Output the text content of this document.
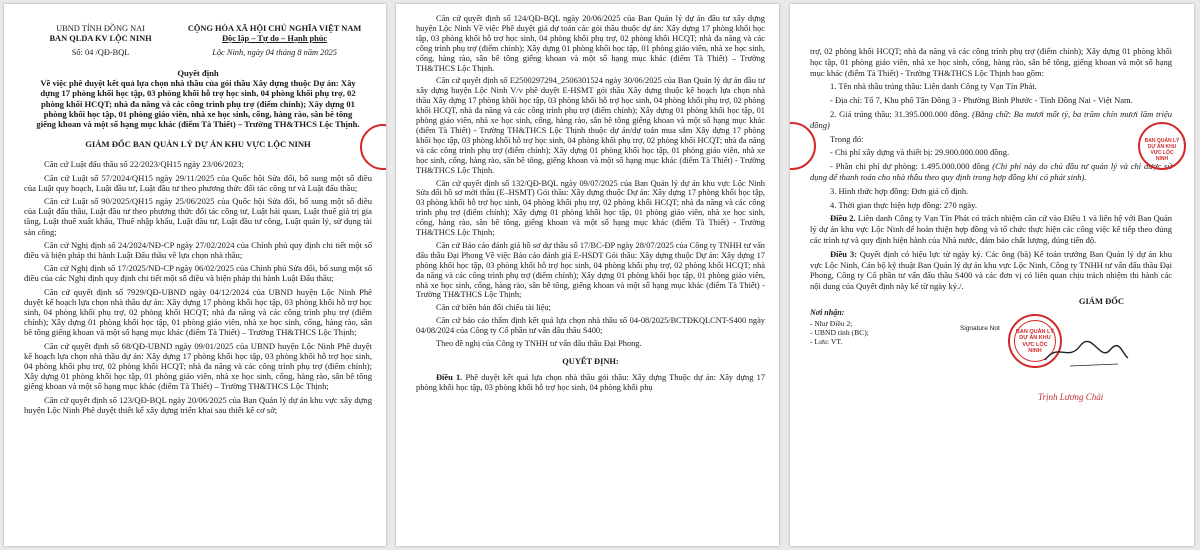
UBND TỈNH ĐỒNG NAI
BAN QLDA KV LỘC NINH
Số: 04 /QĐ-BQL
CỘNG HÒA XÃ HỘI CHỦ NGHĨA VIỆT NAM
Độc lập – Tự do – Hạnh phúc
Lộc Ninh, ngày 04 tháng 8 năm 2025
Quyết định
Về việc phê duyệt kết quả lựa chọn nhà thầu của gói thầu Xây dựng thuộc Dự án: Xây dựng 17 phòng khối học tập, 03 phòng khối hỗ trợ học sinh, 04 phòng khối phụ trợ, 02 phòng khối HCQT; nhà đa năng và các công trình phụ trợ (điểm chính); Xây dựng 01 phòng khối học tập, 01 phòng giáo viên, nhà xe học sinh, cổng, hàng rào, sân bê tông giếng khoan và một số hạng mục khác (điểm Tà Thiết) – Trường TH&THCS Lộc Thịnh.
GIÁM ĐỐC BAN QUẢN LÝ DỰ ÁN KHU VỰC LỘC NINH

Căn cứ Luật đấu thầu số 22/2023/QH15 ngày 23/06/2023;

Căn cứ Luật số 57/2024/QH15 ngày 29/11/2025 của Quốc hội Sửa đổi, bổ sung một số điều của Luật quy hoạch, Luật đầu tư, Luật đầu tư theo phương thức đối tác công tư và Luật đấu thầu;

Căn cứ Luật số 90/2025/QH15 ngày 25/06/2025 của Quốc hội Sửa đổi, bổ sung một số điều của Luật đấu thầu, Luật đầu tư theo phương thức đối tác công tư, Luật hải quan, Luật thuế giá trị gia tăng, Luật thuế xuất khẩu, Thuế nhập khẩu, Luật đầu tư, Luật đầu tư công, Luật quản lý, sử dụng tài sản công;

Căn cứ Nghị định số 24/2024/NĐ-CP ngày 27/02/2024 của Chính phủ quy định chi tiết một số điều và biện pháp thi hành Luật Đấu thầu về lựa chọn nhà thầu;

Căn cứ Nghị định số 17/2025/NĐ-CP ngày 06/02/2025 của Chính phủ Sửa đổi, bổ sung một số điều của các Nghị định quy định chi tiết một số điều và biện pháp thi hành Luật Đấu thầu;

Căn cứ quyết định số 7929/QĐ-UBND ngày 04/12/2024 của UBND huyện Lộc Ninh Phê duyệt kế hoạch lựa chọn nhà thầu dự án: Xây dựng 17 phòng khối học tập, 03 phòng khối hỗ trợ học sinh, 04 phòng khối phụ trợ, 02 phòng khối HCQT; nhà đa năng và các công trình phụ trợ (điểm chính); Xây dựng 01 phòng khối học tập, 01 phòng giáo viên, nhà xe học sinh, cổng, hàng rào, sân bê tông giếng khoan và một số hạng mục khác (điểm Tà Thiết) – Trường TH&THCS Lộc Thịnh;

Căn cứ quyết định số 68/QĐ-UBND ngày 09/01/2025 của UBND huyện Lộc Ninh Phê duyệt kế hoạch lựa chọn nhà thầu dự án: Xây dựng 17 phòng khối học tập, 03 phòng khối hỗ trợ học sinh, 04 phòng khối phụ trợ, 02 phòng khối HCQT; nhà đa năng và các công trình phụ trợ (điểm chính); Xây dựng 01 phòng khối học tập, 01 phòng giáo viên, nhà xe học sinh, cổng, hàng rào, sân bê tông giếng khoan và một số hạng mục khác (điểm Tà Thiết) – Trường TH&THCS Lộc Thịnh;

Căn cứ quyết định số 123/QĐ-BQL ngày 20/06/2025 của Ban Quản lý dự án khu vực xây dựng huyện Lộc Ninh Phê duyệt thiết kế xây dựng triển khai sau thiết kế cơ sở;

Căn cứ quyết định số 124/QĐ-BQL ngày 20/06/2025 của Ban Quản lý dự án đầu tư xây dựng huyện Lộc Ninh Về việc Phê duyệt giá dự toán các gói thầu thuộc dự án: Xây dựng 17 phòng khối học tập, 03 phòng khối hỗ trợ học sinh, 04 phòng khối phụ trợ, 02 phòng khối HCQT; nhà đa năng và các công trình phụ trợ (điểm chính); Xây dựng 01 phòng khối học tập, 01 phòng giáo viên, nhà xe học sinh, cổng, hàng rào, sân bê tông giếng khoan và một số hạng mục khác (điểm Tà Thiết) – Trường TH&THCS Lộc Thịnh.

Căn cứ quyết định số E2500297294_2506301524 ngày 30/06/2025 của Ban Quản lý dự án đầu tư xây dựng huyện Lộc Ninh V/v phê duyệt E-HSMT gói thầu Xây dựng thuộc kế hoạch lựa chọn nhà thầu Xây dựng 17 phòng khối học tập, 03 phòng khối hỗ trợ học sinh, 04 phòng khối phụ trợ, 02 phòng khối HCQT, nhà đa năng và các công trình phụ trợ (điểm chính); Xây dựng 01 phòng khối học tập, 01 phòng giáo viên, nhà xe học sinh, cổng, hàng rào, sân bê tông giếng khoan và một số hạng mục khác (điểm Tà Thiết) - Trường TH&THCS Lộc Thịnh thuộc dự án/dự toán mua sắm Xây dựng 17 phòng khối học tập, 03 phòng khối hỗ trợ học sinh, 04 phòng khối phụ trợ, 02 phòng khối HCQT; nhà đa năng và các công trình phụ trợ (điểm chính); Xây dựng 01 phòng khối học tập, 01 phòng giáo viên, nhà xe học sinh, cổng, hàng rào, sân bê tông, giếng khoan và một số hạng mục khác (điểm Tà Thiết) - Trường TH&THCS Lộc Thịnh.

Căn cứ quyết định số 132/QĐ-BQL ngày 09/07/2025 của Ban Quản lý dự án khu vực Lộc Ninh Sửa đổi hồ sơ mời thầu (E–HSMT) Gói thầu: Xây dựng thuộc Dự án: Xây dựng 17 phòng khối học tập, 03 phòng khối hỗ trợ học sinh, 04 phòng khối phụ trợ, 02 phòng khối HCQT; nhà đa năng và các công trình phụ trợ (điểm chính); Xây dựng 01 phòng khối học tập, 01 phòng giáo viên, nhà xe học sinh, cổng, hàng rào, sân bê tông, giếng khoan và một số hạng mục khác (điểm Tà Thiết) - Trường TH&THCS Lộc Thịnh;

Căn cứ Báo cáo đánh giá hồ sơ dự thầu số 17/BC-ĐP ngày 28/07/2025 của Công ty TNHH tư vấn đấu thầu Đại Phong Về việc Báo cáo đánh giá E-HSDT Gói thầu: Xây dựng thuộc Dự án: Xây dựng 17 phòng khối học tập, 03 phòng khối hỗ trợ học sinh, 04 phòng khối phụ trợ, 02 phòng khối HCQT; nhà đa năng và các công trình phụ trợ (điểm chính); Xây dựng 01 phòng khối học tập, 01 phòng giáo viên, nhà xe học sinh, cổng, hàng rào, sân bê tông, giếng khoan và một số hạng mục khác (điểm Tà Thiết) - Trường TH&THCS Lộc Thịnh;

Căn cứ biên bản đối chiếu tài liệu;

Căn cứ báo cáo thẩm định kết quả lựa chọn nhà thầu số 04-08/2025/BCTĐKQLCNT-S400 ngày 04/08/2024 của Công ty Cổ phần tư vấn đấu thầu S400;

Theo đề nghị của Công ty TNHH tư vấn đấu thầu Đại Phong.

QUYẾT ĐỊNH:

Điều 1. Phê duyệt kết quả lựa chọn nhà thầu gói thầu: Xây dựng Thuộc dự án: Xây dựng 17 phòng khối học tập, 03 phòng khối hỗ trợ học sinh, 04 phòng khối phụ

trợ, 02 phòng khối HCQT; nhà đa năng và các công trình phụ trợ (điểm chính); Xây dựng 01 phòng khối học tập, 01 phòng giáo viên, nhà xe học sinh, cổng, hàng rào, sân bê tông, giếng khoan và một số hạng mục khác (điểm Tà Thiết) - Trường TH&THCS Lộc Thịnh bao gồm:

1. Tên nhà thầu trúng thầu: Liên danh Công ty Vạn Tín Phát.

- Địa chỉ: Tổ 7, Khu phố Tân Đồng 3 - Phường Bình Phước - Tỉnh Đồng Nai - Việt Nam.

2. Giá trúng thầu: 31.395.000.000 đồng. (Bằng chữ: Ba mươi mốt tỷ, ba trăm chín mươi lăm triệu đồng)

Trong đó:

- Chi phí xây dựng và thiết bị: 29.900.000.000 đồng.

- Phần chi phí dự phòng: 1.495.000.000 đồng (Chi phí này do chủ đầu tư quản lý và chỉ được sử dụng để thanh toán cho nhà thầu theo quy định trong hợp đồng khi có phát sinh).

3. Hình thức hợp đồng: Đơn giá cố định.

4. Thời gian thực hiện hợp đồng: 270 ngày.

Điều 2. Liên danh Công ty Vạn Tín Phát có trách nhiệm căn cứ vào Điều 1 và liên hệ với Ban Quản lý dự án khu vực Lộc Ninh để hoàn thiện hợp đồng và tổ chức thực hiện các công việc kế tiếp theo đúng các trình tự và quy định hiện hành của Nhà nước, đảm bảo chất lượng, đúng tiến độ.

Điều 3: Quyết định có hiệu lực từ ngày ký. Các ông (bà) Kế toán trưởng Ban Quản lý dự án khu vực Lộc Ninh, Cán bộ kỹ thuật Ban Quản lý dự án khu vực Lộc Ninh, Công ty TNHH tư vấn đấu thầu Đại Phong, Công ty Cổ phần tư vấn đấu thầu S400 và các đơn vị có liên quan chịu trách nhiệm thi hành các nội dung của Quyết định này kể từ ngày ký./.

Nơi nhận:
- Như Điều 2;
- UBND tỉnh (BC);
- Lưu: VT.
GIÁM ĐỐC
Signature Not	BAN QUẢN LÝ DỰ ÁN KHU VỰC LỘC NINH
Trịnh Lương Chải
BAN QUẢN LÝ DỰ ÁN KHU VỰC LỘC NINH
